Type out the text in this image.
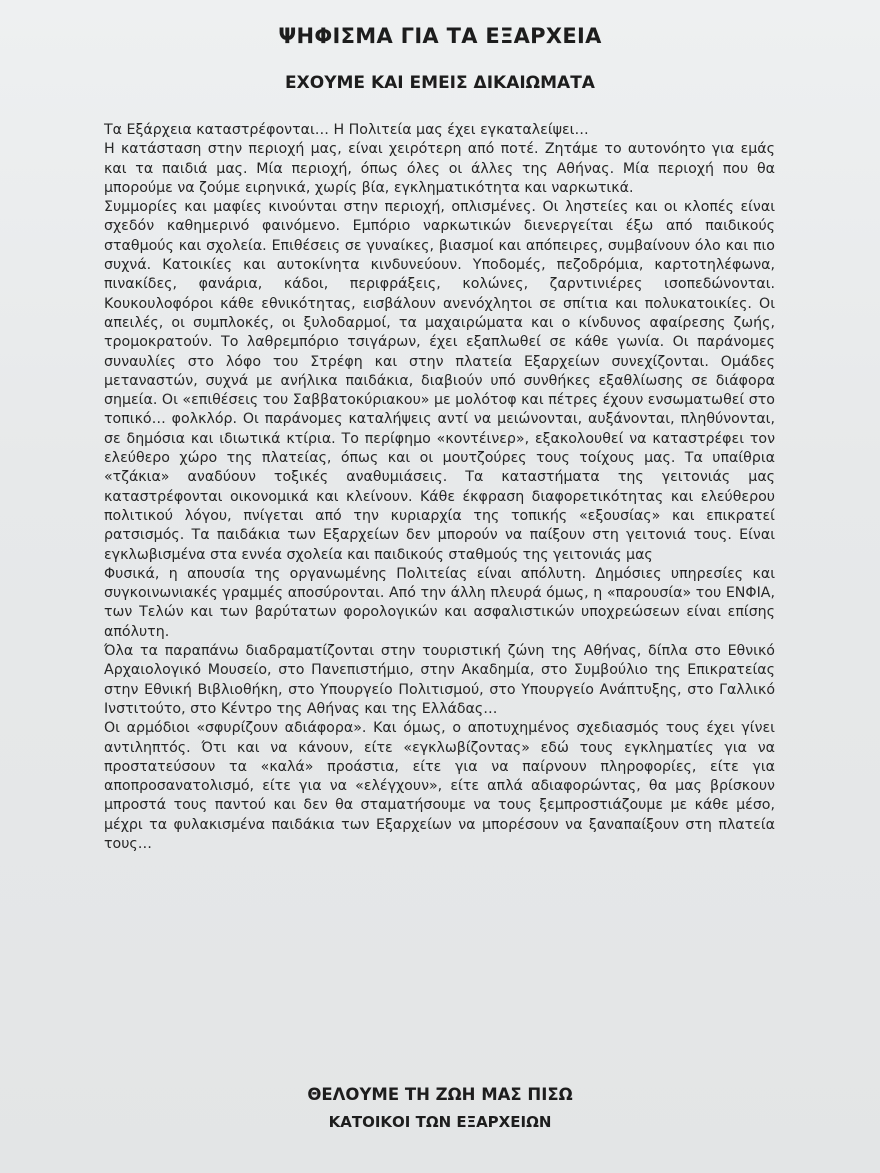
ΨΗΦΙΣΜΑ ΓΙΑ ΤΑ ΕΞΑΡΧΕΙΑ
ΕΧΟΥΜΕ ΚΑΙ ΕΜΕΙΣ ΔΙΚΑΙΩΜΑΤΑ

Τα Εξάρχεια καταστρέφονται… Η Πολιτεία μας έχει εγκαταλείψει…

Η κατάσταση στην περιοχή μας, είναι χειρότερη από ποτέ. Ζητάμε το αυτονόητο για εμάς και τα παιδιά μας. Μία περιοχή, όπως όλες οι άλλες της Αθήνας. Μία περιοχή που θα μπορούμε να ζούμε ειρηνικά, χωρίς βία, εγκληματικότητα και ναρκωτικά.

Συμμορίες και μαφίες κινούνται στην περιοχή, οπλισμένες. Οι ληστείες και οι κλοπές είναι σχεδόν καθημερινό φαινόμενο. Εμπόριο ναρκωτικών διενεργείται έξω από παιδικούς σταθμούς και σχολεία. Επιθέσεις σε γυναίκες, βιασμοί και απόπειρες, συμβαίνουν όλο και πιο συχνά. Κατοικίες και αυτοκίνητα κινδυνεύουν. Υποδομές, πεζοδρόμια, καρτοτηλέφωνα, πινακίδες, φανάρια, κάδοι, περιφράξεις, κολώνες, ζαρντινιέρες ισοπεδώνονται. Κουκουλοφόροι κάθε εθνικότητας, εισβάλουν ανενόχλητοι σε σπίτια και πολυκατοικίες. Οι απειλές, οι συμπλοκές, οι ξυλοδαρμοί, τα μαχαιρώματα και ο κίνδυνος αφαίρεσης ζωής, τρομοκρατούν. Το λαθρεμπόριο τσιγάρων, έχει εξαπλωθεί σε κάθε γωνία. Οι παράνομες συναυλίες στο λόφο του Στρέφη και στην πλατεία Εξαρχείων συνεχίζονται. Ομάδες μεταναστών, συχνά με ανήλικα παιδάκια, διαβιούν υπό συνθήκες εξαθλίωσης σε διάφορα σημεία. Οι «επιθέσεις του Σαββατοκύριακου» με μολότοφ και πέτρες έχουν ενσωματωθεί στο τοπικό… φολκλόρ. Οι παράνομες καταλήψεις αντί να μειώνονται, αυξάνονται, πληθύνονται, σε δημόσια και ιδιωτικά κτίρια. Το περίφημο «κοντέινερ», εξακολουθεί να καταστρέφει τον ελεύθερο χώρο της πλατείας, όπως και οι μουτζούρες τους τοίχους μας. Τα υπαίθρια «τζάκια» αναδύουν τοξικές αναθυμιάσεις. Τα καταστήματα της γειτονιάς μας καταστρέφονται οικονομικά και κλείνουν. Κάθε έκφραση διαφορετικότητας και ελεύθερου πολιτικού λόγου, πνίγεται από την κυριαρχία της τοπικής «εξουσίας» και επικρατεί ρατσισμός. Τα παιδάκια των Εξαρχείων δεν μπορούν να παίξουν στη γειτονιά τους. Είναι εγκλωβισμένα στα εννέα σχολεία και παιδικούς σταθμούς της γειτονιάς μας

Φυσικά, η απουσία της οργανωμένης Πολιτείας είναι απόλυτη. Δημόσιες υπηρεσίες και συγκοινωνιακές γραμμές αποσύρονται. Από την άλλη πλευρά όμως, η «παρουσία» του ΕΝΦΙΑ, των Τελών και των βαρύτατων φορολογικών και ασφαλιστικών υποχρεώσεων είναι επίσης απόλυτη.

Όλα τα παραπάνω διαδραματίζονται στην τουριστική ζώνη της Αθήνας, δίπλα στο Εθνικό Αρχαιολογικό Μουσείο, στο Πανεπιστήμιο, στην Ακαδημία, στο Συμβούλιο της Επικρατείας στην Εθνική Βιβλιοθήκη, στο Υπουργείο Πολιτισμού, στο Υπουργείο Ανάπτυξης, στο Γαλλικό Ινστιτούτο, στο Κέντρο της Αθήνας και της Ελλάδας…

Οι αρμόδιοι «σφυρίζουν αδιάφορα». Και όμως, ο αποτυχημένος σχεδιασμός τους έχει γίνει αντιληπτός. Ότι και να κάνουν, είτε «εγκλωβίζοντας» εδώ τους εγκληματίες για να προστατεύσουν τα «καλά» προάστια, είτε για να παίρνουν πληροφορίες, είτε για αποπροσανατολισμό, είτε για να «ελέγχουν», είτε απλά αδιαφορώντας, θα μας βρίσκουν μπροστά τους παντού και δεν θα σταματήσουμε να τους ξεμπροστιάζουμε με κάθε μέσο, μέχρι τα φυλακισμένα παιδάκια των Εξαρχείων να μπορέσουν να ξαναπαίξουν στη πλατεία τους…

ΘΕΛΟΥΜΕ ΤΗ ΖΩΗ ΜΑΣ ΠΙΣΩ
ΚΑΤΟΙΚΟΙ ΤΩΝ ΕΞΑΡΧΕΙΩΝ
